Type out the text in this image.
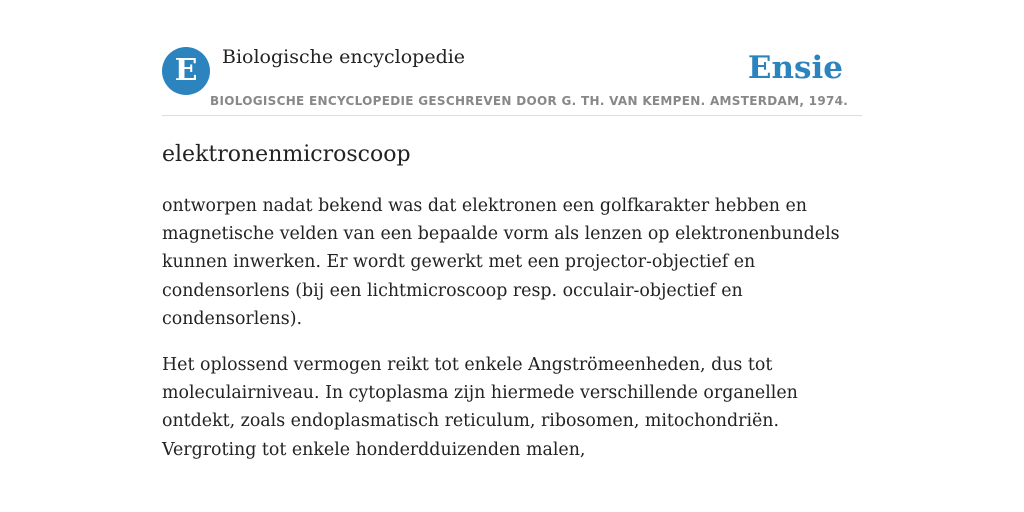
E	Biologische encyclopedie	Ensie
BIOLOGISCHE ENCYCLOPEDIE GESCHREVEN DOOR G. TH. VAN KEMPEN. AMSTERDAM, 1974.
elektronenmicroscoop

ontworpen nadat bekend was dat elektronen een golfkarakter hebben en magnetische velden van een bepaalde vorm als lenzen op elektronenbundels kunnen inwerken. Er wordt gewerkt met een projector-objectief en condensorlens (bij een lichtmicroscoop resp. occulair-objectief en condensorlens).

Het oplossend vermogen reikt tot enkele Angströmeenheden, dus tot moleculairniveau. In cytoplasma zijn hiermede verschillende organellen ontdekt, zoals endoplasmatisch reticulum, ribosomen, mitochondriën. Vergroting tot enkele honderdduizenden malen,
